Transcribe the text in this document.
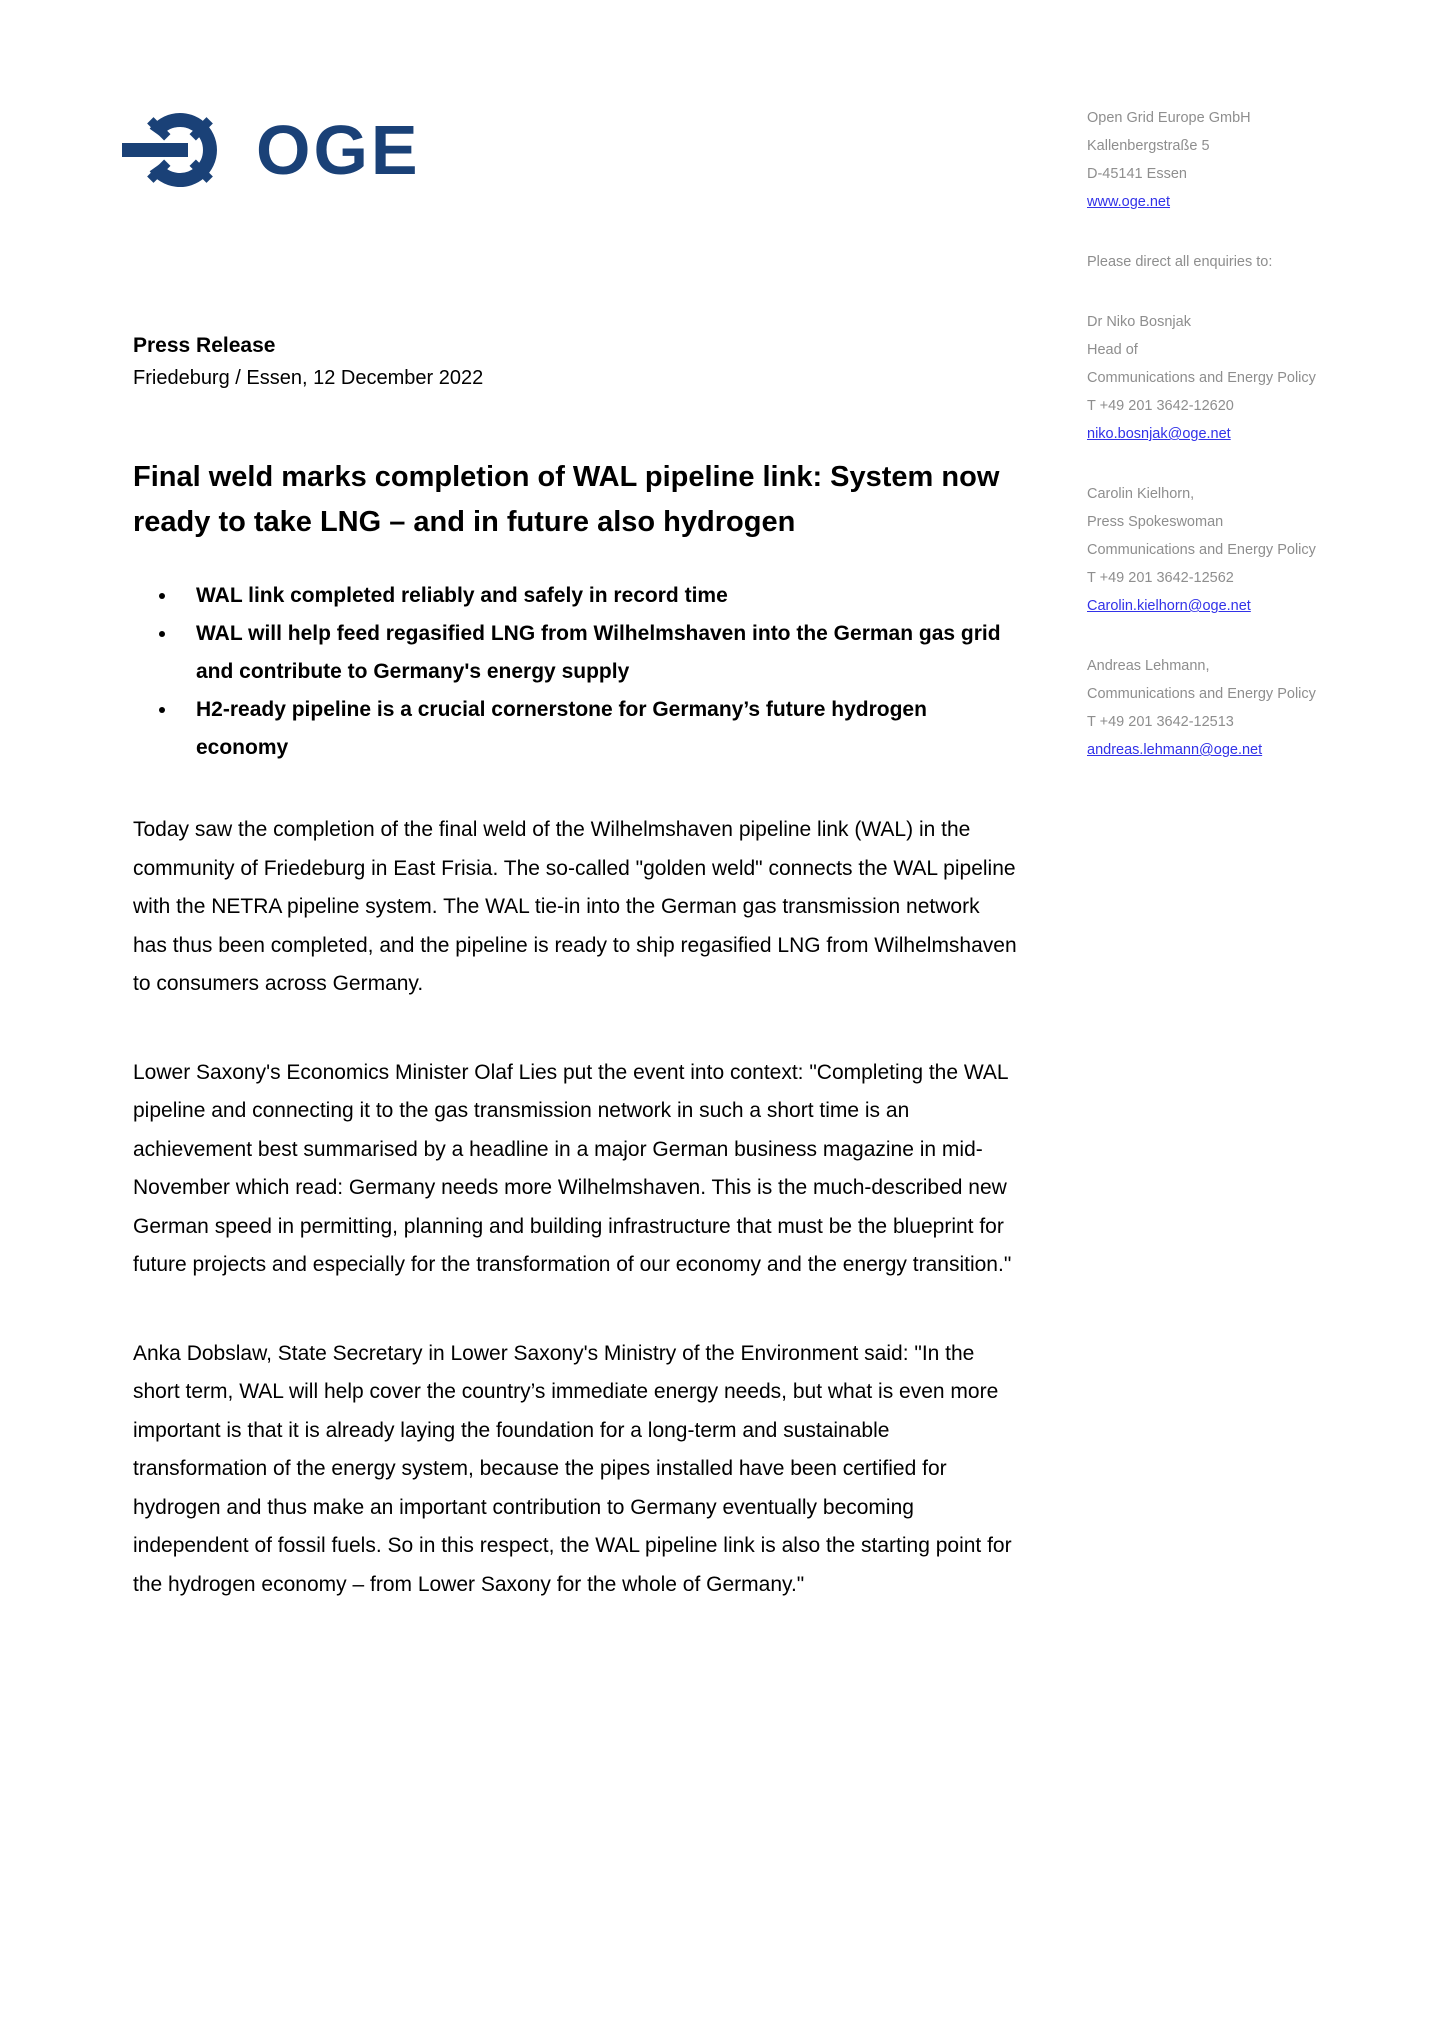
OGE
Press Release
Friedeburg / Essen, 12 December 2022
Final weld marks completion of WAL pipeline link: System now ready to take LNG – and in future also hydrogen
• WAL link completed reliably and safely in record time
• WAL will help feed regasified LNG from Wilhelmshaven into the German gas grid and contribute to Germany's energy supply
• H2-ready pipeline is a crucial cornerstone for Germany’s future hydrogen economy

Today saw the completion of the final weld of the Wilhelmshaven pipeline link (WAL) in the community of Friedeburg in East Frisia. The so-called "golden weld" connects the WAL pipeline with the NETRA pipeline system. The WAL tie-in into the German gas transmission network has thus been completed, and the pipeline is ready to ship regasified LNG from Wilhelmshaven to consumers across Germany.

Lower Saxony's Economics Minister Olaf Lies put the event into context: "Completing the WAL pipeline and connecting it to the gas transmission network in such a short time is an achievement best summarised by a headline in a major German business magazine in mid-November which read: Germany needs more Wilhelmshaven. This is the much-described new German speed in permitting, planning and building infrastructure that must be the blueprint for future projects and especially for the transformation of our economy and the energy transition."

Anka Dobslaw, State Secretary in Lower Saxony's Ministry of the Environment said: "In the short term, WAL will help cover the country’s immediate energy needs, but what is even more important is that it is already laying the foundation for a long-term and sustainable transformation of the energy system, because the pipes installed have been certified for hydrogen and thus make an important contribution to Germany eventually becoming independent of fossil fuels. So in this respect, the WAL pipeline link is also the starting point for the hydrogen economy – from Lower Saxony for the whole of Germany."

Open Grid Europe GmbH
Kallenbergstraße 5
D-45141 Essen
www.oge.net
Please direct all enquiries to:
Dr Niko Bosnjak
Head of
Communications and Energy Policy
T +49 201 3642-12620
niko.bosnjak@oge.net
Carolin Kielhorn,
Press Spokeswoman
Communications and Energy Policy
T +49 201 3642-12562
Carolin.kielhorn@oge.net
Andreas Lehmann,
Communications and Energy Policy
T +49 201 3642-12513
andreas.lehmann@oge.net
